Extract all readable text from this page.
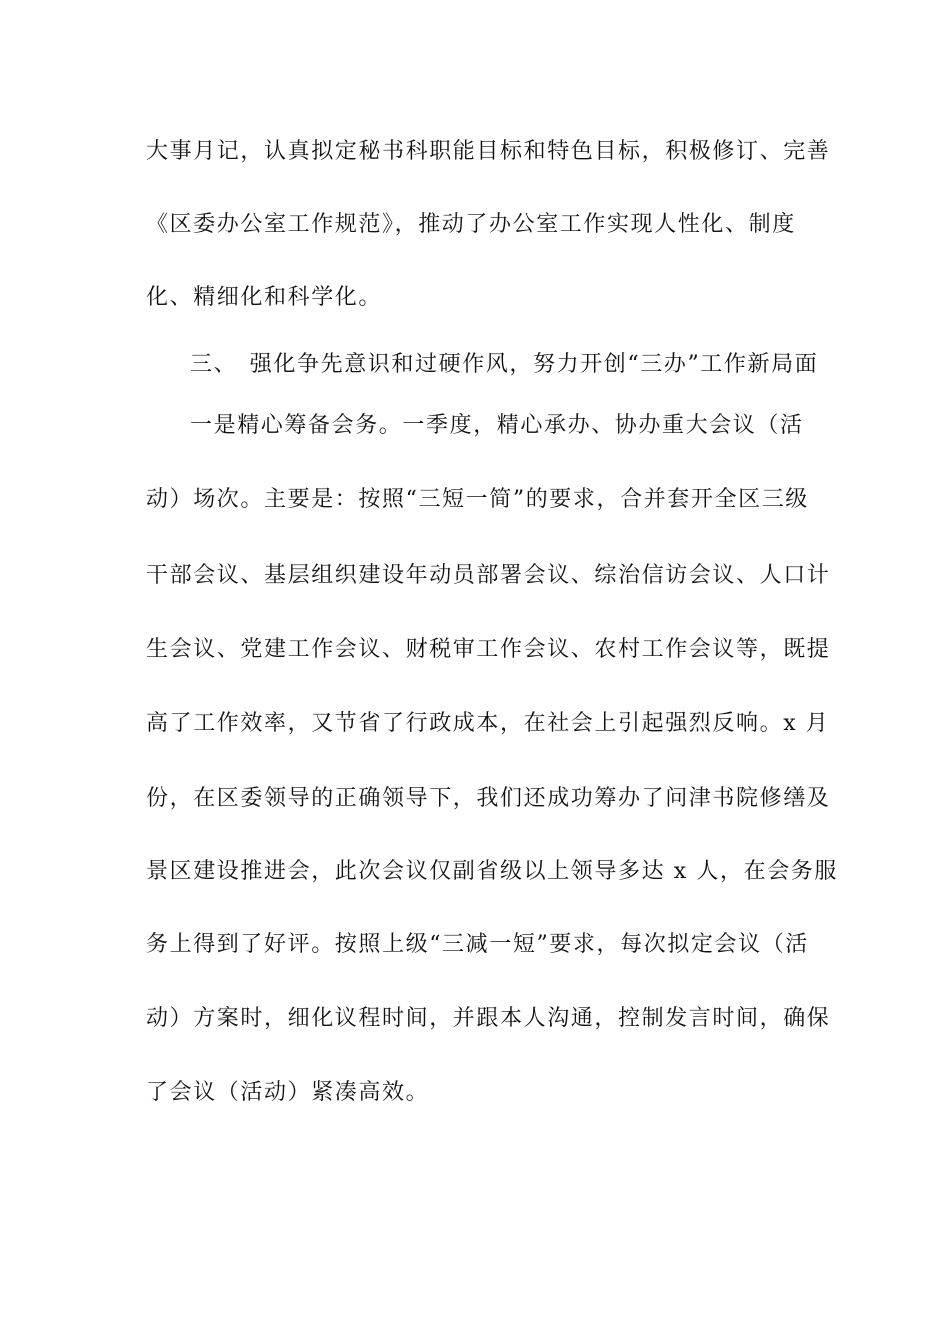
大事月记，认真拟定秘书科职能目标和特色目标，积极修订、完善
《区委办公室工作规范》，推动了办公室工作实现人性化、制度
化、精细化和科学化。
三、　强化争先意识和过硬作风，努力开创“三办”工作新局面
一是精心筹备会务。一季度，精心承办、协办重大会议（活
动）场次。主要是：按照“三短一简”的要求，合并套开全区三级
干部会议、基层组织建设年动员部署会议、综治信访会议、人口计
生会议、党建工作会议、财税审工作会议、农村工作会议等，既提
高了工作效率，又节省了行政成本，在社会上引起强烈反响。x 月
份，在区委领导的正确领导下，我们还成功筹办了问津书院修缮及
景区建设推进会，此次会议仅副省级以上领导多达 x 人，在会务服
务上得到了好评。按照上级“三减一短”要求，每次拟定会议（活
动）方案时，细化议程时间，并跟本人沟通，控制发言时间，确保
了会议（活动）紧凑高效。
